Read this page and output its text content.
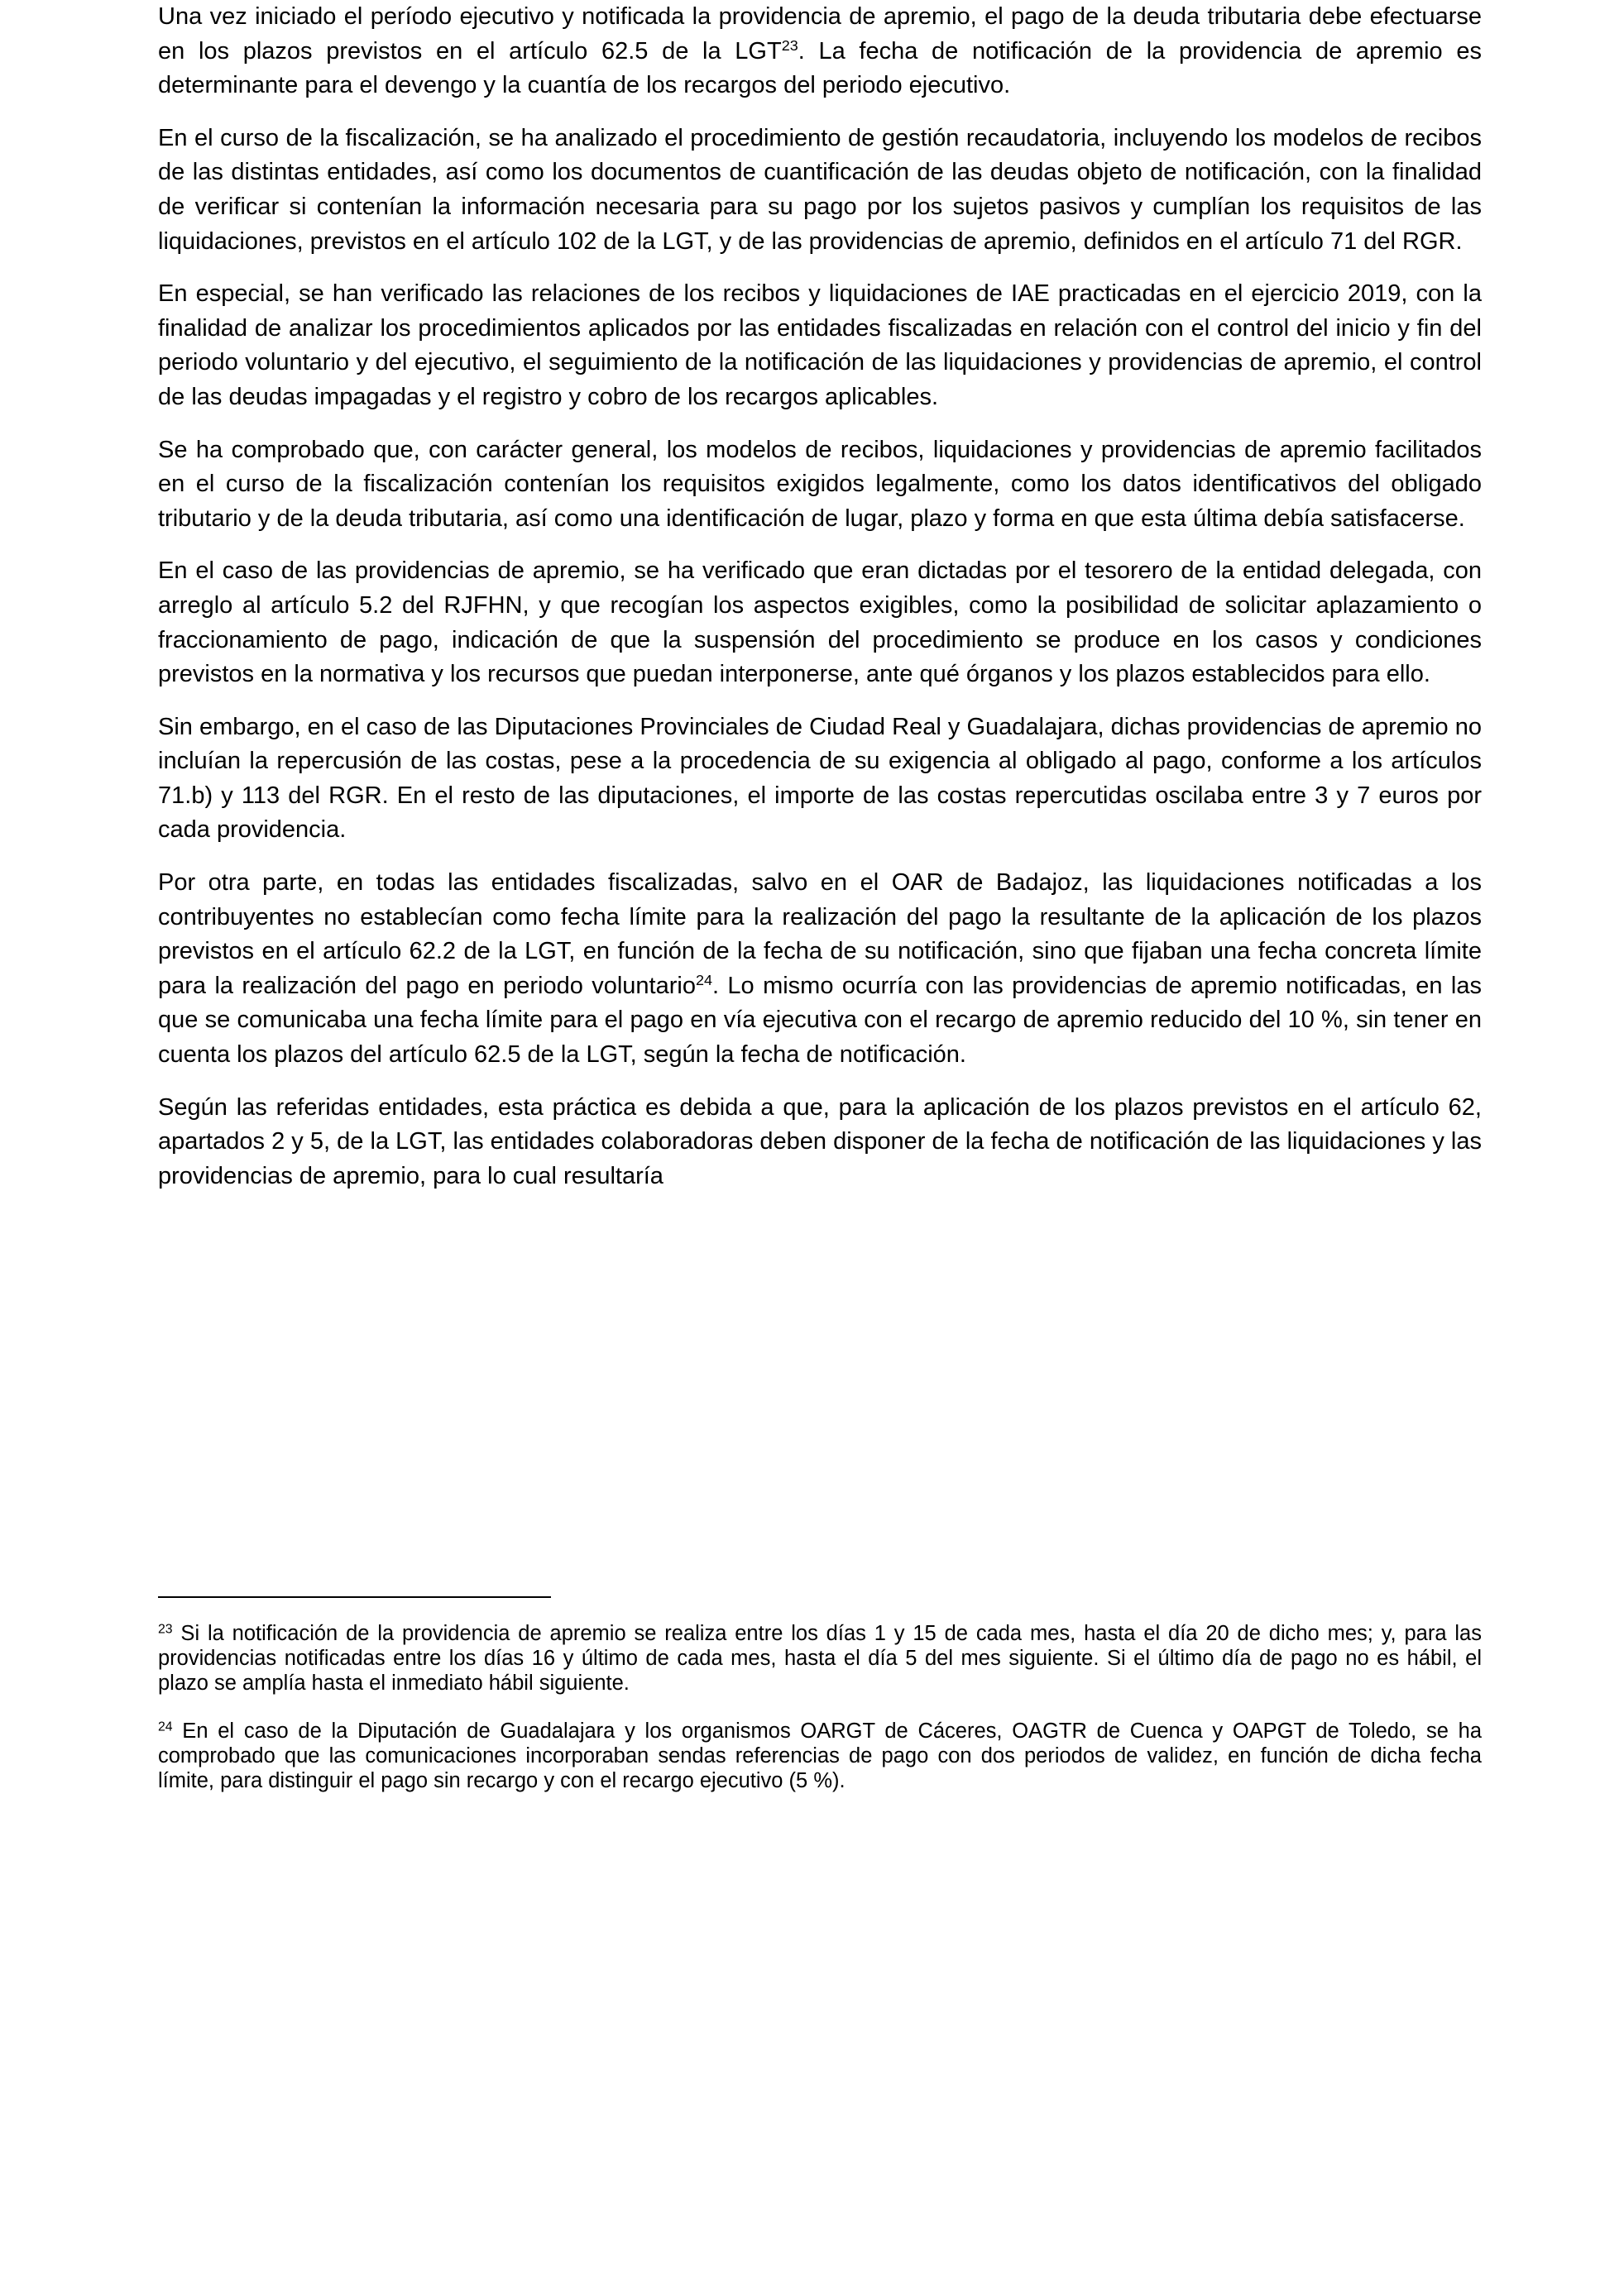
Una vez iniciado el período ejecutivo y notificada la providencia de apremio, el pago de la deuda tributaria debe efectuarse en los plazos previstos en el artículo 62.5 de la LGT$^{23}$. La fecha de notificación de la providencia de apremio es determinante para el devengo y la cuantía de los recargos del periodo ejecutivo.

En el curso de la fiscalización, se ha analizado el procedimiento de gestión recaudatoria, incluyendo los modelos de recibos de las distintas entidades, así como los documentos de cuantificación de las deudas objeto de notificación, con la finalidad de verificar si contenían la información necesaria para su pago por los sujetos pasivos y cumplían los requisitos de las liquidaciones, previstos en el artículo 102 de la LGT, y de las providencias de apremio, definidos en el artículo 71 del RGR.

En especial, se han verificado las relaciones de los recibos y liquidaciones de IAE practicadas en el ejercicio 2019, con la finalidad de analizar los procedimientos aplicados por las entidades fiscalizadas en relación con el control del inicio y fin del periodo voluntario y del ejecutivo, el seguimiento de la notificación de las liquidaciones y providencias de apremio, el control de las deudas impagadas y el registro y cobro de los recargos aplicables.

Se ha comprobado que, con carácter general, los modelos de recibos, liquidaciones y providencias de apremio facilitados en el curso de la fiscalización contenían los requisitos exigidos legalmente, como los datos identificativos del obligado tributario y de la deuda tributaria, así como una identificación de lugar, plazo y forma en que esta última debía satisfacerse.

En el caso de las providencias de apremio, se ha verificado que eran dictadas por el tesorero de la entidad delegada, con arreglo al artículo 5.2 del RJFHN, y que recogían los aspectos exigibles, como la posibilidad de solicitar aplazamiento o fraccionamiento de pago, indicación de que la suspensión del procedimiento se produce en los casos y condiciones previstos en la normativa y los recursos que puedan interponerse, ante qué órganos y los plazos establecidos para ello.

Sin embargo, en el caso de las Diputaciones Provinciales de Ciudad Real y Guadalajara, dichas providencias de apremio no incluían la repercusión de las costas, pese a la procedencia de su exigencia al obligado al pago, conforme a los artículos 71.b) y 113 del RGR. En el resto de las diputaciones, el importe de las costas repercutidas oscilaba entre 3 y 7 euros por cada providencia.

Por otra parte, en todas las entidades fiscalizadas, salvo en el OAR de Badajoz, las liquidaciones notificadas a los contribuyentes no establecían como fecha límite para la realización del pago la resultante de la aplicación de los plazos previstos en el artículo 62.2 de la LGT, en función de la fecha de su notificación, sino que fijaban una fecha concreta límite para la realización del pago en periodo voluntario$^{24}$. Lo mismo ocurría con las providencias de apremio notificadas, en las que se comunicaba una fecha límite para el pago en vía ejecutiva con el recargo de apremio reducido del 10 %, sin tener en cuenta los plazos del artículo 62.5 de la LGT, según la fecha de notificación.

Según las referidas entidades, esta práctica es debida a que, para la aplicación de los plazos previstos en el artículo 62, apartados 2 y 5, de la LGT, las entidades colaboradoras deben disponer de la fecha de notificación de las liquidaciones y las providencias de apremio, para lo cual resultaría

$^{23}$ Si la notificación de la providencia de apremio se realiza entre los días 1 y 15 de cada mes, hasta el día 20 de dicho mes; y, para las providencias notificadas entre los días 16 y último de cada mes, hasta el día 5 del mes siguiente. Si el último día de pago no es hábil, el plazo se amplía hasta el inmediato hábil siguiente.

$^{24}$ En el caso de la Diputación de Guadalajara y los organismos OARGT de Cáceres, OAGTR de Cuenca y OAPGT de Toledo, se ha comprobado que las comunicaciones incorporaban sendas referencias de pago con dos periodos de validez, en función de dicha fecha límite, para distinguir el pago sin recargo y con el recargo ejecutivo (5 %).
